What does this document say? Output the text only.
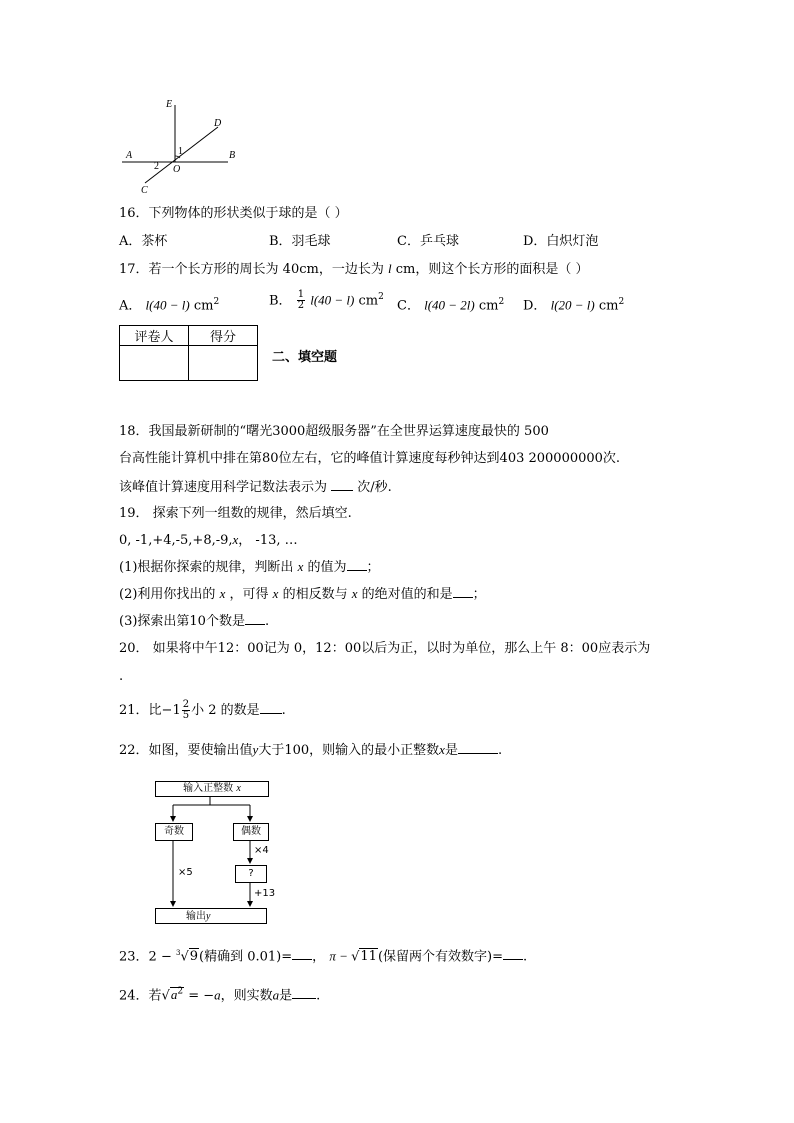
E
D
A	B
C
O
1
2
16．下列物体的形状类似于球的是（ ）
A．茶杯	B．羽毛球	C．乒乓球	D．白炽灯泡
17．若一个长方形的周长为 40cm，一边长为 l cm，则这个长方形的面积是（ ）
A． l(40 − l) $cm^2$	B． $\frac{1}{2} l(40 - l)$ $cm^2$
C． l(40 − 2l) $cm^2$ D． l(20 − l) $cm^2$
评卷人	得分

二、填空题
18．我国最新研制的“曙光3000超级服务器”在全世界运算速度最快的 500
台高性能计算机中排在第80位左右，它的峰值计算速度每秒钟达到403 200000000次.
该峰值计算速度用科学记数法表示为 次/秒.
19． 探索下列一组数的规律，然后填空.
0, -1,+4,-5,+8,-9,x， -13, …
(1)根据你探索的规律，判断出 x 的值为 ；
(2)利用你找出的 x ，可得 x 的相反数与 x 的绝对值的和是 ；
(3)探索出第10个数是 .
20． 如果将中午12：00记为 0，12：00以后为正，以时为单位，那么上午 8：00应表示为
.
21．比$-1 \frac{2}{5}$ 小 2 的数是 .
22．如图，要使输出值y大于100，则输入的最小正整数x是	.
输入正整数 x
奇数	偶数
?
×4
×5
+13
输出y
23．2 − $^3$√9(精确到 0.01)= ， π − √11(保留两个有效数字)= .
24．若$√a^2 = -a$，则实数a是 .
